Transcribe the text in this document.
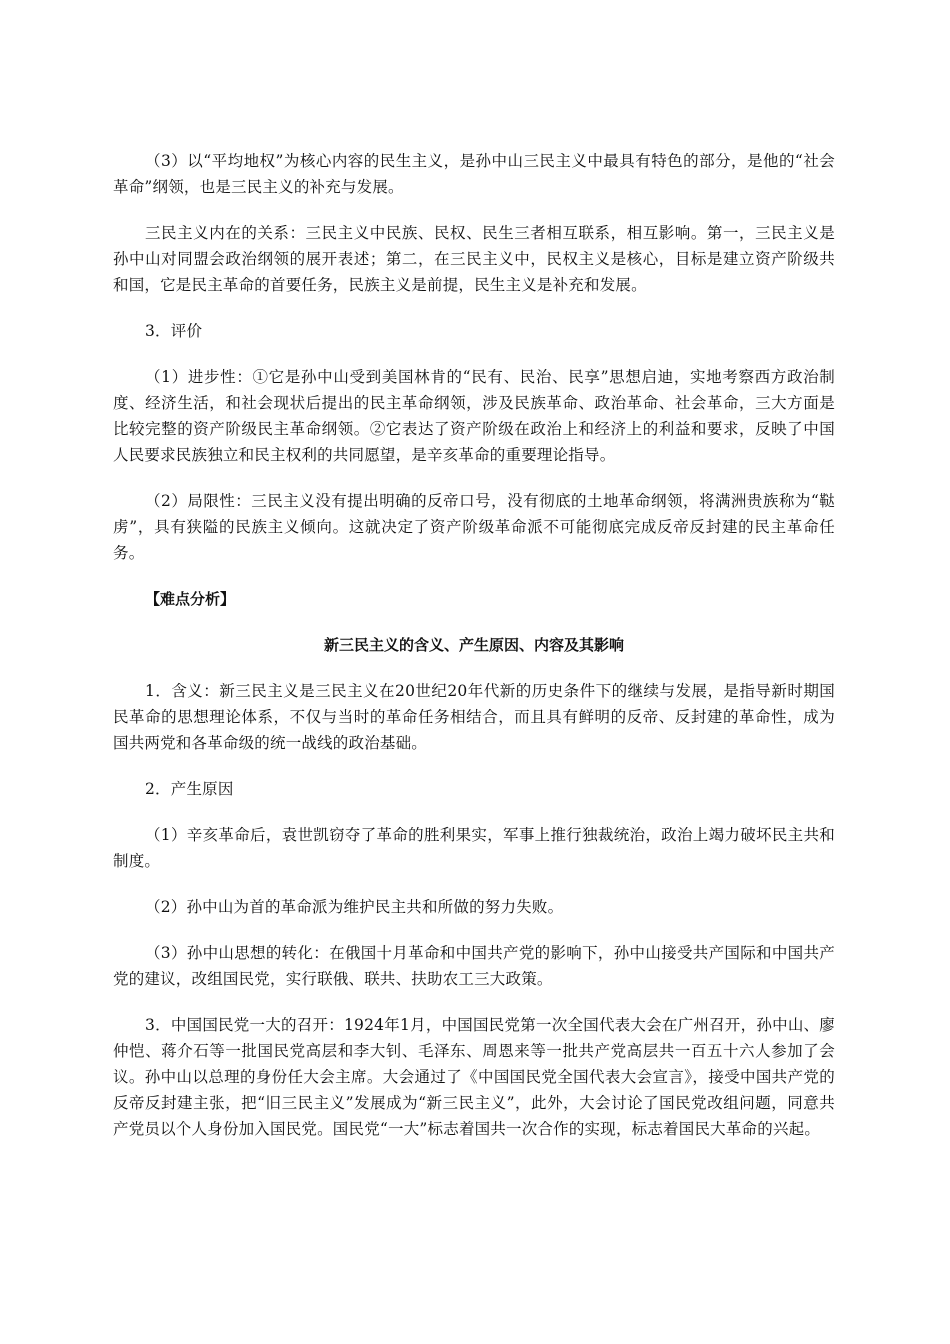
（3）以“平均地权”为核心内容的民生主义，是孙中山三民主义中最具有特色的部分，是他的“社会革命”纲领，也是三民主义的补充与发展。

三民主义内在的关系：三民主义中民族、民权、民生三者相互联系，相互影响。第一，三民主义是孙中山对同盟会政治纲领的展开表述；第二，在三民主义中，民权主义是核心，目标是建立资产阶级共和国，它是民主革命的首要任务，民族主义是前提，民生主义是补充和发展。

3．评价

（1）进步性：①它是孙中山受到美国林肯的“民有、民治、民享”思想启迪，实地考察西方政治制度、经济生活，和社会现状后提出的民主革命纲领，涉及民族革命、政治革命、社会革命，三大方面是比较完整的资产阶级民主革命纲领。②它表达了资产阶级在政治上和经济上的利益和要求，反映了中国人民要求民族独立和民主权利的共同愿望，是辛亥革命的重要理论指导。

（2）局限性：三民主义没有提出明确的反帝口号，没有彻底的土地革命纲领，将满洲贵族称为“鞑虏”，具有狭隘的民族主义倾向。这就决定了资产阶级革命派不可能彻底完成反帝反封建的民主革命任务。

【难点分析】

新三民主义的含义、产生原因、内容及其影响

1．含义：新三民主义是三民主义在20世纪20年代新的历史条件下的继续与发展，是指导新时期国民革命的思想理论体系，不仅与当时的革命任务相结合，而且具有鲜明的反帝、反封建的革命性，成为国共两党和各革命级的统一战线的政治基础。

2．产生原因

（1）辛亥革命后，袁世凯窃夺了革命的胜利果实，军事上推行独裁统治，政治上竭力破坏民主共和制度。

（2）孙中山为首的革命派为维护民主共和所做的努力失败。

（3）孙中山思想的转化：在俄国十月革命和中国共产党的影响下，孙中山接受共产国际和中国共产党的建议，改组国民党，实行联俄、联共、扶助农工三大政策。

3．中国国民党一大的召开：1924年1月，中国国民党第一次全国代表大会在广州召开，孙中山、廖仲恺、蒋介石等一批国民党高层和李大钊、毛泽东、周恩来等一批共产党高层共一百五十六人参加了会议。孙中山以总理的身份任大会主席。大会通过了《中国国民党全国代表大会宣言》，接受中国共产党的反帝反封建主张，把“旧三民主义”发展成为“新三民主义”，此外，大会讨论了国民党改组问题，同意共产党员以个人身份加入国民党。国民党“一大”标志着国共一次合作的实现，标志着国民大革命的兴起。
